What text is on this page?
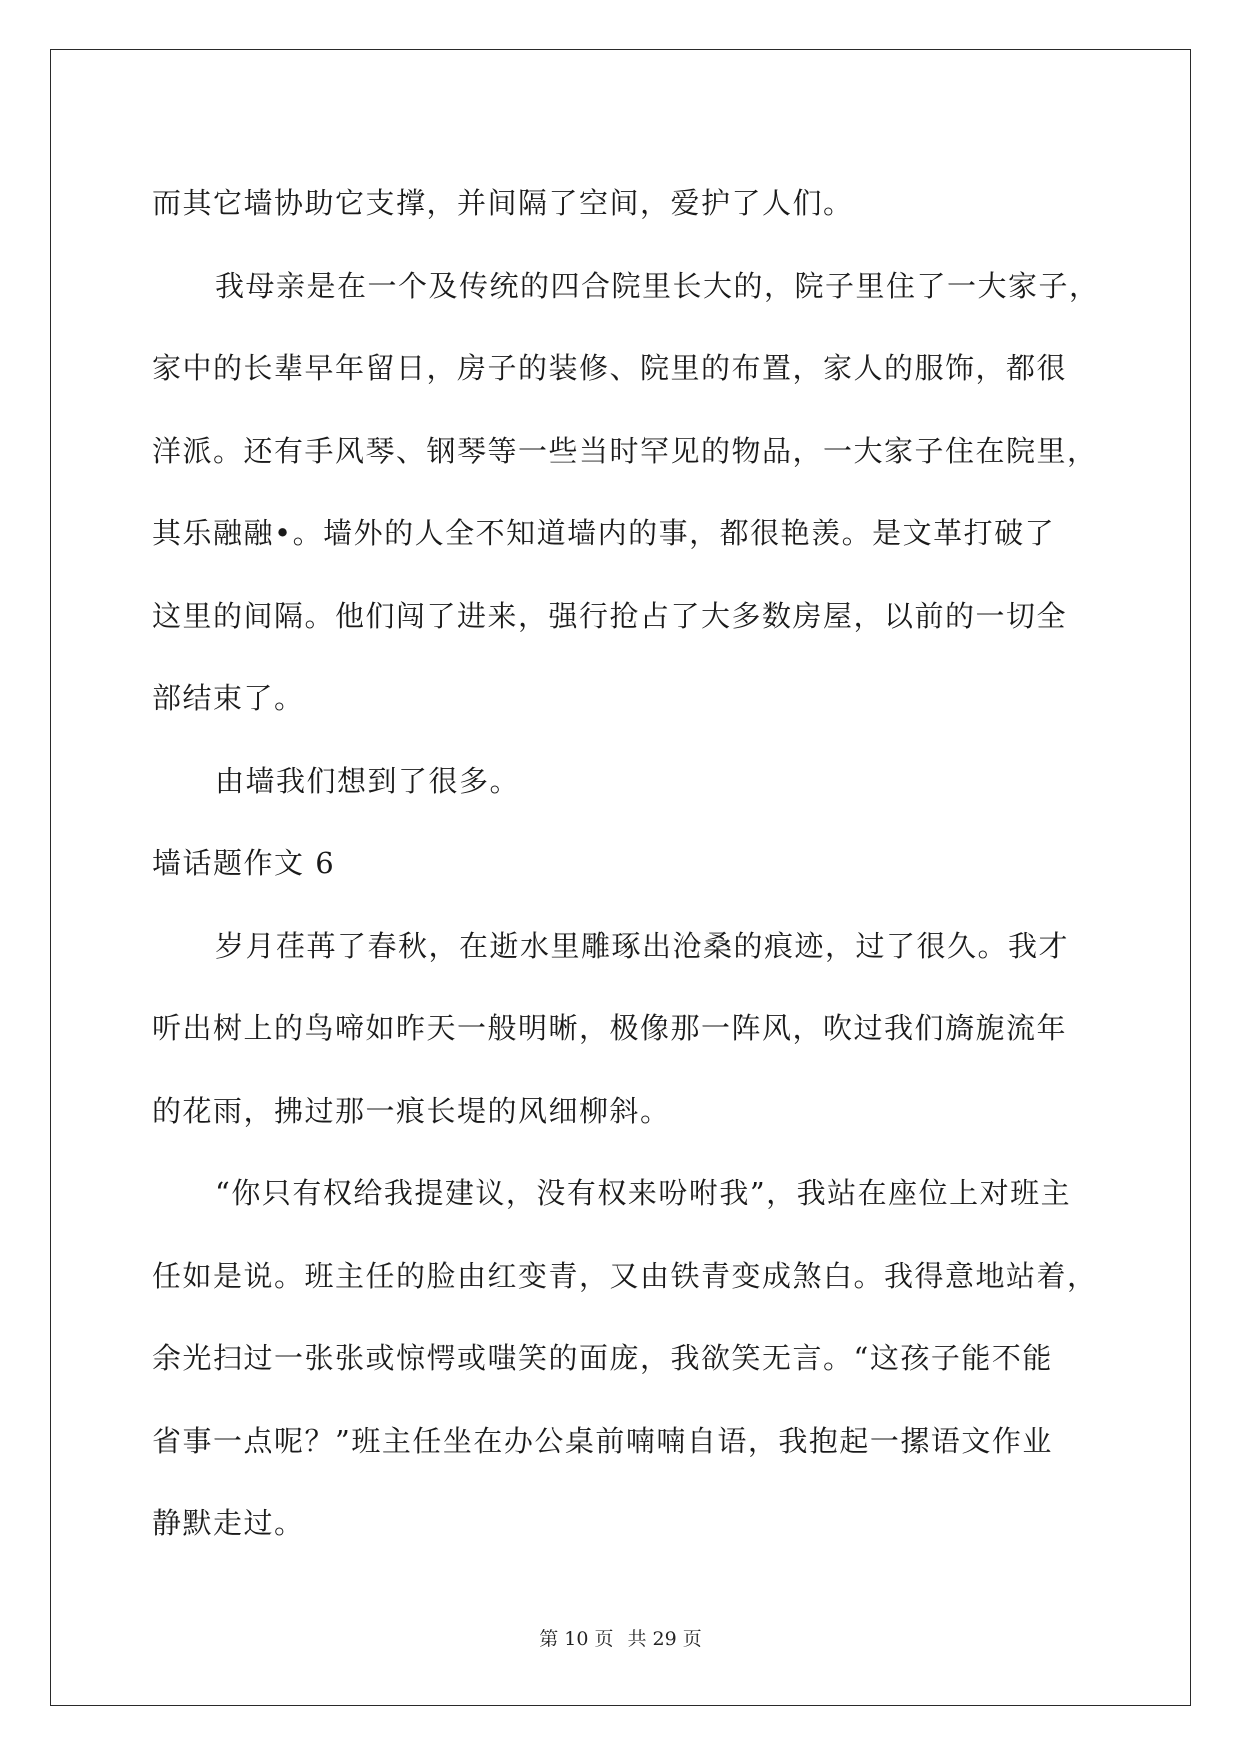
而其它墙协助它支撑，并间隔了空间，爱护了人们。
我母亲是在一个及传统的四合院里长大的，院子里住了一大家子，
家中的长辈早年留日，房子的装修、院里的布置，家人的服饰，都很
洋派。还有手风琴、钢琴等一些当时罕见的物品，一大家子住在院里，
其乐融融•。墙外的人全不知道墙内的事，都很艳羡。是文革打破了
这里的间隔。他们闯了进来，强行抢占了大多数房屋，以前的一切全
部结束了。
由墙我们想到了很多。
墙话题作文 6
岁月荏苒了春秋，在逝水里雕琢出沧桑的痕迹，过了很久。我才
听出树上的鸟啼如昨天一般明晰，极像那一阵风，吹过我们旖旎流年
的花雨，拂过那一痕长堤的风细柳斜。
“你只有权给我提建议，没有权来吩咐我”，我站在座位上对班主
任如是说。班主任的脸由红变青，又由铁青变成煞白。我得意地站着，
余光扫过一张张或惊愕或嗤笑的面庞，我欲笑无言。“这孩子能不能
省事一点呢？”班主任坐在办公桌前喃喃自语，我抱起一摞语文作业
静默走过。
第 10 页 共 29 页
